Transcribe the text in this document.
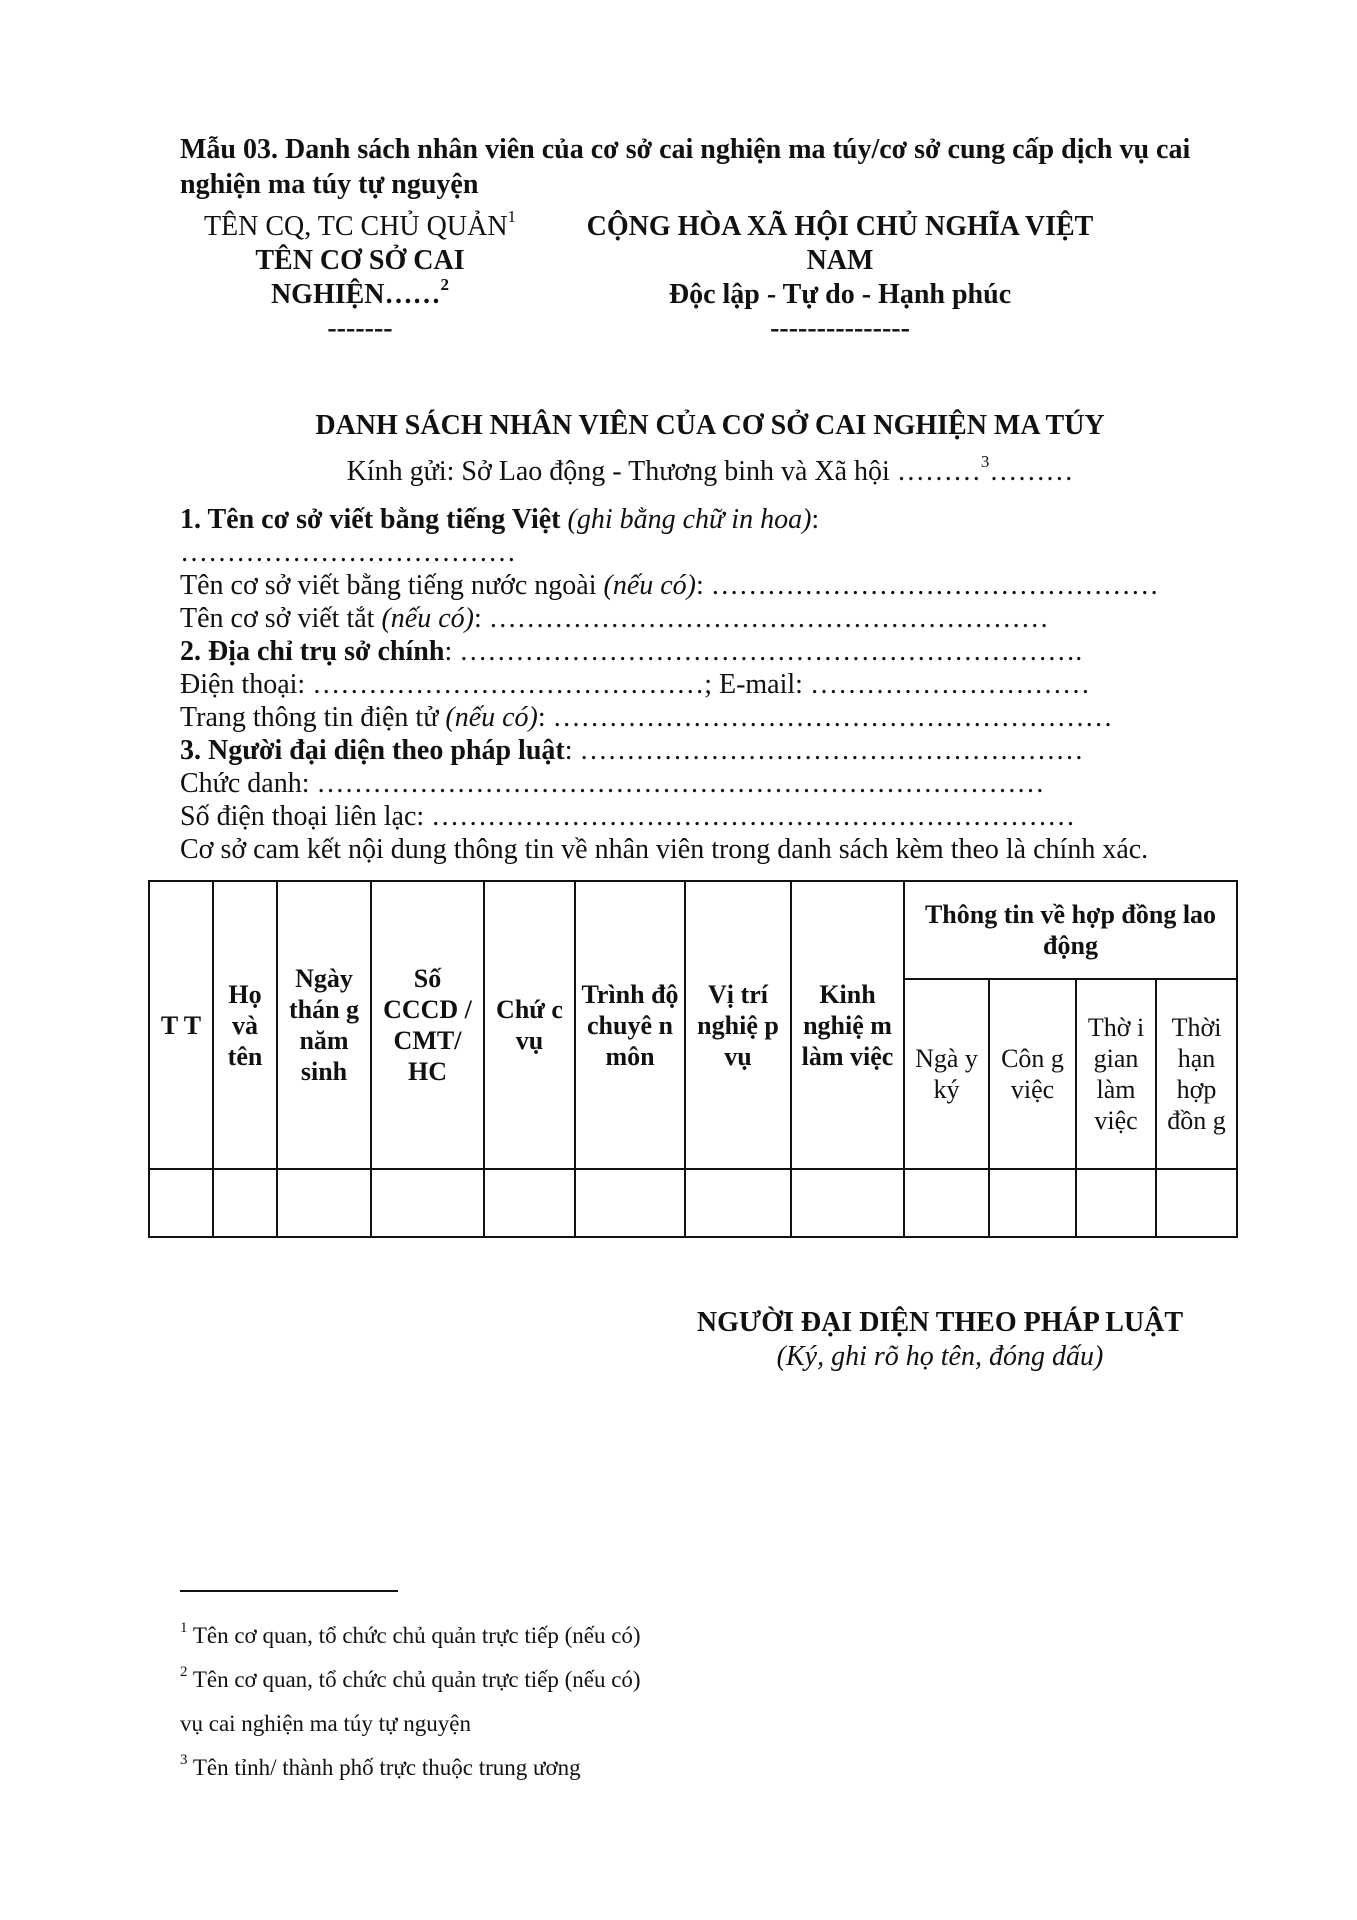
Mẫu 03. Danh sách nhân viên của cơ sở cai nghiện ma túy/cơ sở cung cấp dịch vụ cai nghiện ma túy tự nguyện
TÊN CQ, TC CHỦ QUẢN$^1$
TÊN CƠ SỞ CAI
NGHIỆN……$^2$
-------
CỘNG HÒA XÃ HỘI CHỦ NGHĨA VIỆT NAM
Độc lập - Tự do - Hạnh phúc
---------------
DANH SÁCH NHÂN VIÊN CỦA CƠ SỞ CAI NGHIỆN MA TÚY
Kính gửi: Sở Lao động - Thương binh và Xã hội ………$^3$………
1. Tên cơ sở viết bằng tiếng Việt (ghi bằng chữ in hoa):
………………………………
Tên cơ sở viết bằng tiếng nước ngoài (nếu có): …………………………………………
Tên cơ sở viết tắt (nếu có): ……………………………………………………
2. Địa chỉ trụ sở chính: ………………………………………………………….
Điện thoại: ……………………………………; E-mail: …………………………
Trang thông tin điện tử (nếu có): ……………………………………………………
3. Người đại diện theo pháp luật: ………………………………………………
Chức danh: ……………………………………………………………………
Số điện thoại liên lạc: ……………………………………………………………
Cơ sở cam kết nội dung thông tin về nhân viên trong danh sách kèm theo là chính xác.
T T	Họ và tên	Ngày thán g năm sinh	Số CCCD / CMT/ HC	Chứ c vụ	Trình độ chuyê n môn	Vị trí nghiệ p vụ	Kinh nghiệ m làm việc	Thông tin về hợp đồng lao động			
								Ngà y ký	Côn g việc	Thờ i gian làm việc	Thời hạn hợp đồn g

NGƯỜI ĐẠI DIỆN THEO PHÁP LUẬT
(Ký, ghi rõ họ tên, đóng dấu)
$^1$ Tên cơ quan, tổ chức chủ quản trực tiếp (nếu có)
$^2$ Tên cơ quan, tổ chức chủ quản trực tiếp (nếu có)
vụ cai nghiện ma túy tự nguyện
$^3$ Tên tỉnh/ thành phố trực thuộc trung ương
